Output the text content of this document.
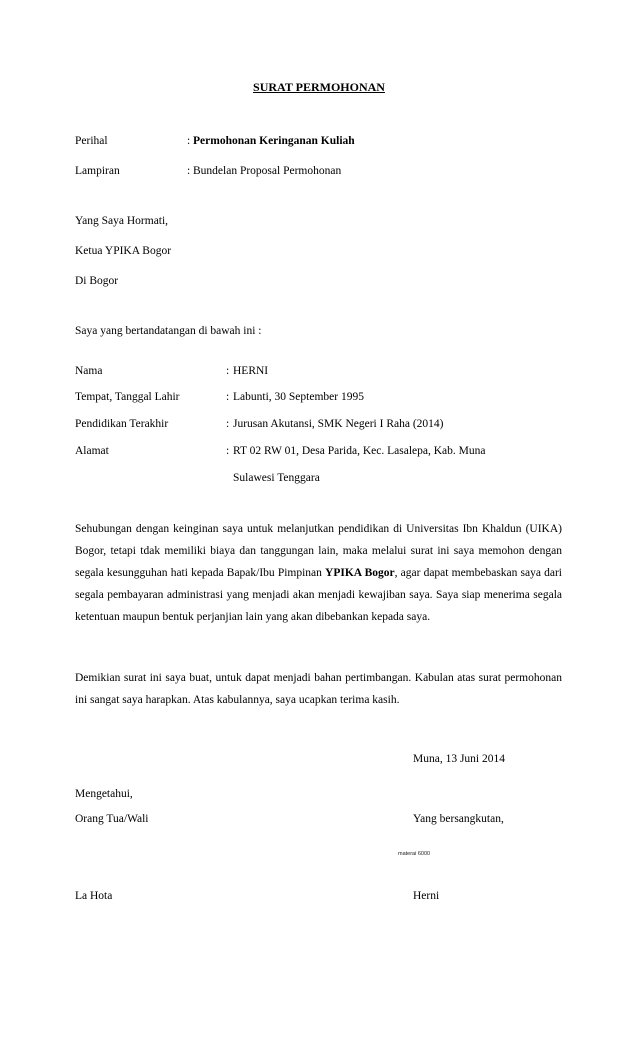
SURAT PERMOHONAN
Perihal	: Permohonan Keringanan Kuliah
Lampiran	: Bundelan Proposal Permohonan
Yang Saya Hormati,
Ketua YPIKA Bogor
Di Bogor
Saya yang bertandatangan di bawah ini :
Nama	: HERNI
Tempat, Tanggal Lahir	: Labunti, 30 September 1995
Pendidikan Terakhir	: Jurusan Akutansi, SMK Negeri I Raha (2014)
Alamat	: RT 02 RW 01, Desa Parida, Kec. Lasalepa, Kab. Muna
Sulawesi Tenggara
Sehubungan dengan keinginan saya untuk melanjutkan pendidikan di Universitas Ibn Khaldun (UIKA) Bogor, tetapi tdak memiliki biaya dan tanggungan lain, maka melalui surat ini saya memohon dengan segala kesungguhan hati kepada Bapak/Ibu Pimpinan YPIKA Bogor, agar dapat membebaskan saya dari segala pembayaran administrasi yang menjadi akan menjadi kewajiban saya. Saya siap menerima segala ketentuan maupun bentuk perjanjian lain yang akan dibebankan kepada saya.
Demikian surat ini saya buat, untuk dapat menjadi bahan pertimbangan. Kabulan atas surat permohonan ini sangat saya harapkan. Atas kabulannya, saya ucapkan terima kasih.
Muna, 13 Juni 2014
Mengetahui,
Orang Tua/Wali	Yang bersangkutan,
materai 6000
La Hota	Herni
